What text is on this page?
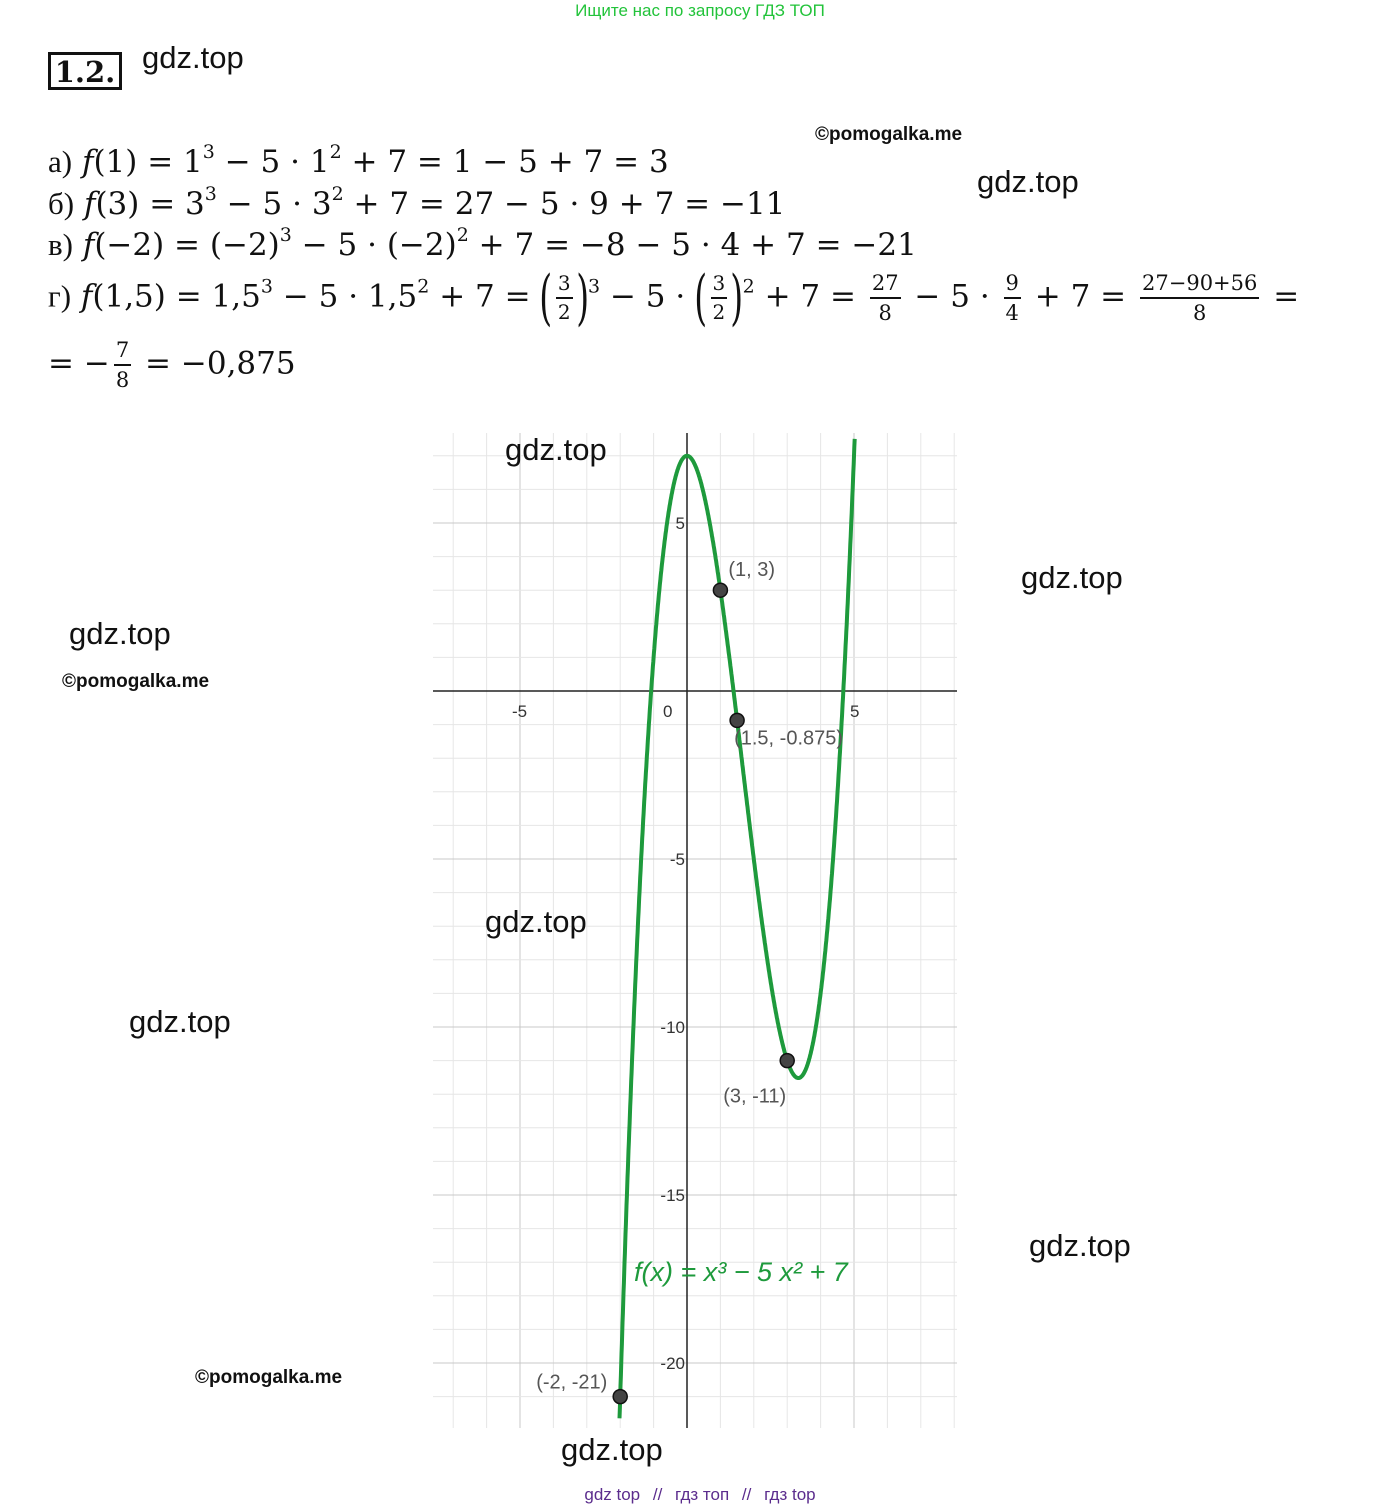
Ищите нас по запросу ГДЗ ТОП
1.2. gdz.top
©pomogalka.me
gdz.top
gdz.top
gdz.top
©pomogalka.me
gdz.top
gdz.top
©pomogalka.me
а) $f(1) = 1^3 - 5 \cdot 1^2 + 7 = 1 - 5 + 7 = 3$
б) $f(3) = 3^3 - 5 \cdot 3^2 + 7 = 27 - 5 \cdot 9 + 7 = -11$
в) $f(-2) = (-2)^3 - 5 \cdot (-2)^2 + 7 = -8 - 5 \cdot 4 + 7 = -21$
г) $f(1,5) = 1,5^3 - 5 \cdot 1,5^2 + 7$ = ( $\frac{3}{2} )^3 - 5$ · ( $\frac{3}{2} )^2 + 7 = \frac{27}{8} - 5 \cdot \frac{9}{4} + 7 = \frac{27-90+56}{8}$ =
= − $\frac{7}{8} = -0,875$
-5	0	5
5
-5
-10
-15
-20
(1, 3)
(1.5, -0.875)
(3, -11)
(-2, -21)
f(x) = x³ − 5 x² + 7
gdz.top
gdz.top
gdz.top
gdz top // гдз топ // гдз top
